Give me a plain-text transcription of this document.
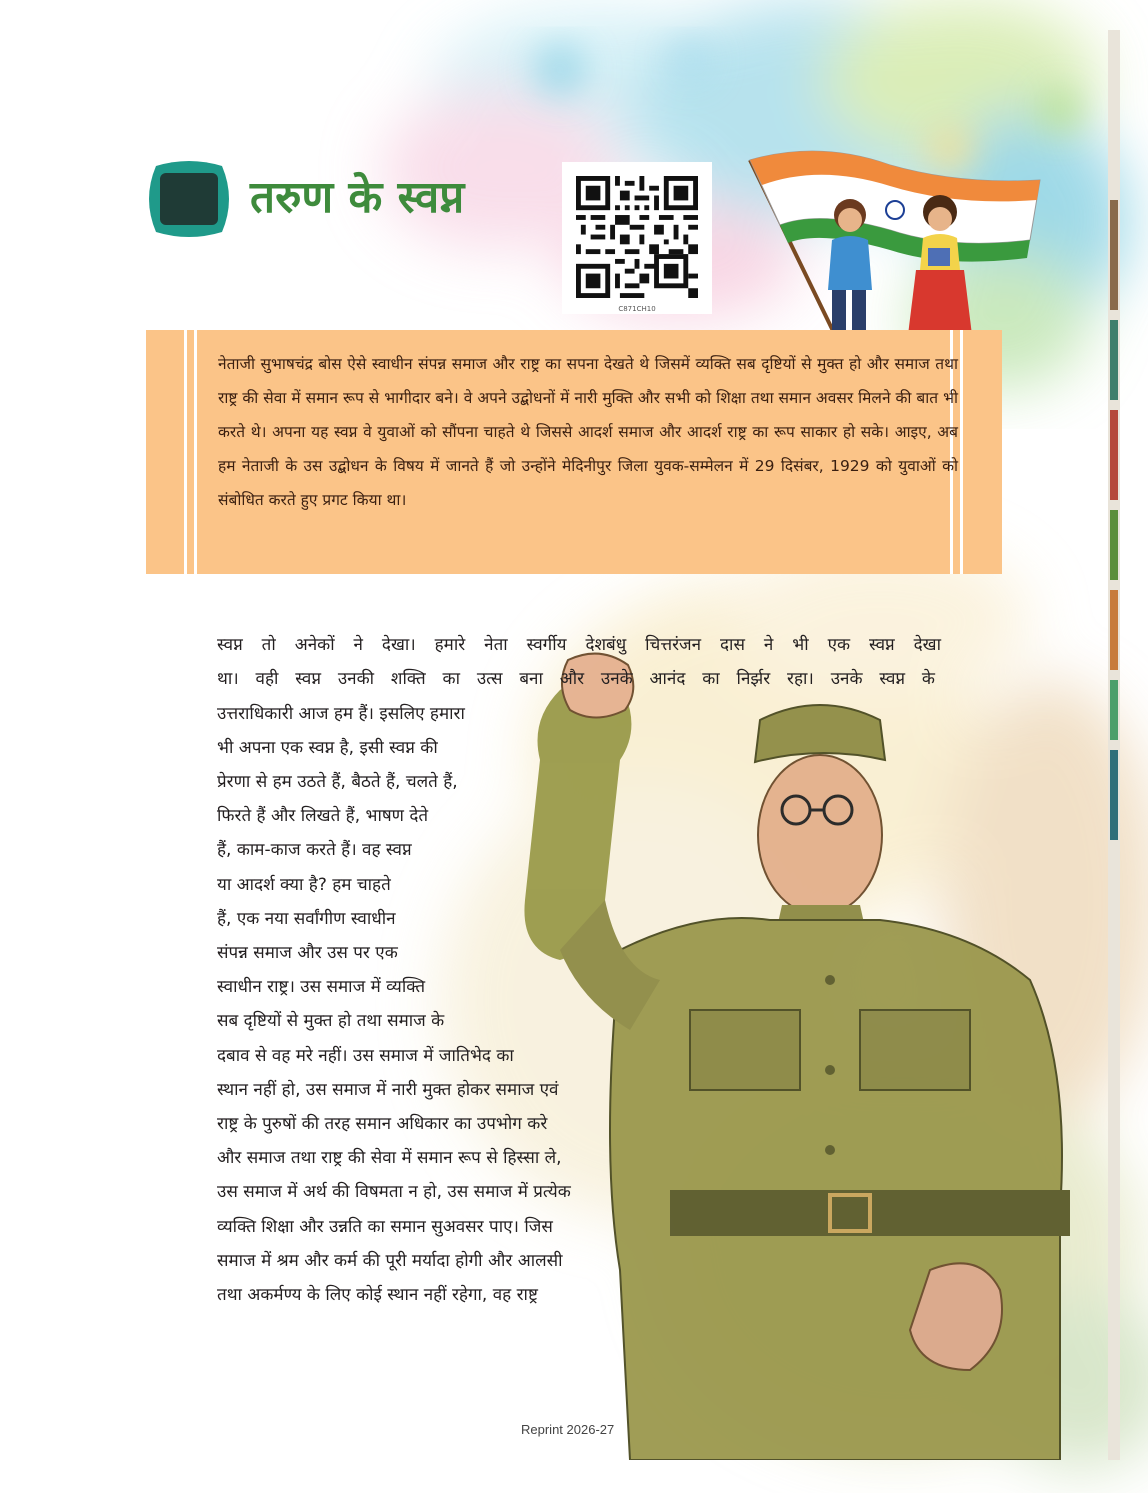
तरुण के स्वप्न
C871CH10
नेताजी सुभाषचंद्र बोस ऐसे स्वाधीन संपन्न समाज और राष्ट्र का सपना देखते थे जिसमें व्यक्ति सब दृष्टियों से मुक्त हो और समाज तथा राष्ट्र की सेवा में समान रूप से भागीदार बने। वे अपने उद्बोधनों में नारी मुक्ति और सभी को शिक्षा तथा समान अवसर मिलने की बात भी करते थे। अपना यह स्वप्न वे युवाओं को सौंपना चाहते थे जिससे आदर्श समाज और आदर्श राष्ट्र का रूप साकार हो सके। आइए, अब हम नेताजी के उस उद्बोधन के विषय में जानते हैं जो उन्होंने मेदिनीपुर जिला युवक-सम्मेलन में 29 दिसंबर, 1929 को युवाओं को संबोधित करते हुए प्रगट किया था।
स्वप्न तो अनेकों ने देखा। हमारे नेता स्वर्गीय देशबंधु चित्तरंजन दास ने भी एक स्वप्न देखा
था। वही स्वप्न उनकी शक्ति का उत्स बना और उनके आनंद का निर्झर रहा। उनके स्वप्न के
उत्तराधिकारी आज हम हैं। इसलिए हमारा
भी अपना एक स्वप्न है, इसी स्वप्न की
प्रेरणा से हम उठते हैं, बैठते हैं, चलते हैं,
फिरते हैं और लिखते हैं, भाषण देते
हैं, काम-काज करते हैं। वह स्वप्न
या आदर्श क्या है? हम चाहते
हैं, एक नया सर्वांगीण स्वाधीन
संपन्न समाज और उस पर एक
स्वाधीन राष्ट्र। उस समाज में व्यक्ति
सब दृष्टियों से मुक्त हो तथा समाज के
दबाव से वह मरे नहीं। उस समाज में जातिभेद का
स्थान नहीं हो, उस समाज में नारी मुक्त होकर समाज एवं
राष्ट्र के पुरुषों की तरह समान अधिकार का उपभोग करे
और समाज तथा राष्ट्र की सेवा में समान रूप से हिस्सा ले,
उस समाज में अर्थ की विषमता न हो, उस समाज में प्रत्येक
व्यक्ति शिक्षा और उन्नति का समान सुअवसर पाए। जिस
समाज में श्रम और कर्म की पूरी मर्यादा होगी और आलसी
तथा अकर्मण्य के लिए कोई स्थान नहीं रहेगा, वह राष्ट्र
Reprint 2026-27
